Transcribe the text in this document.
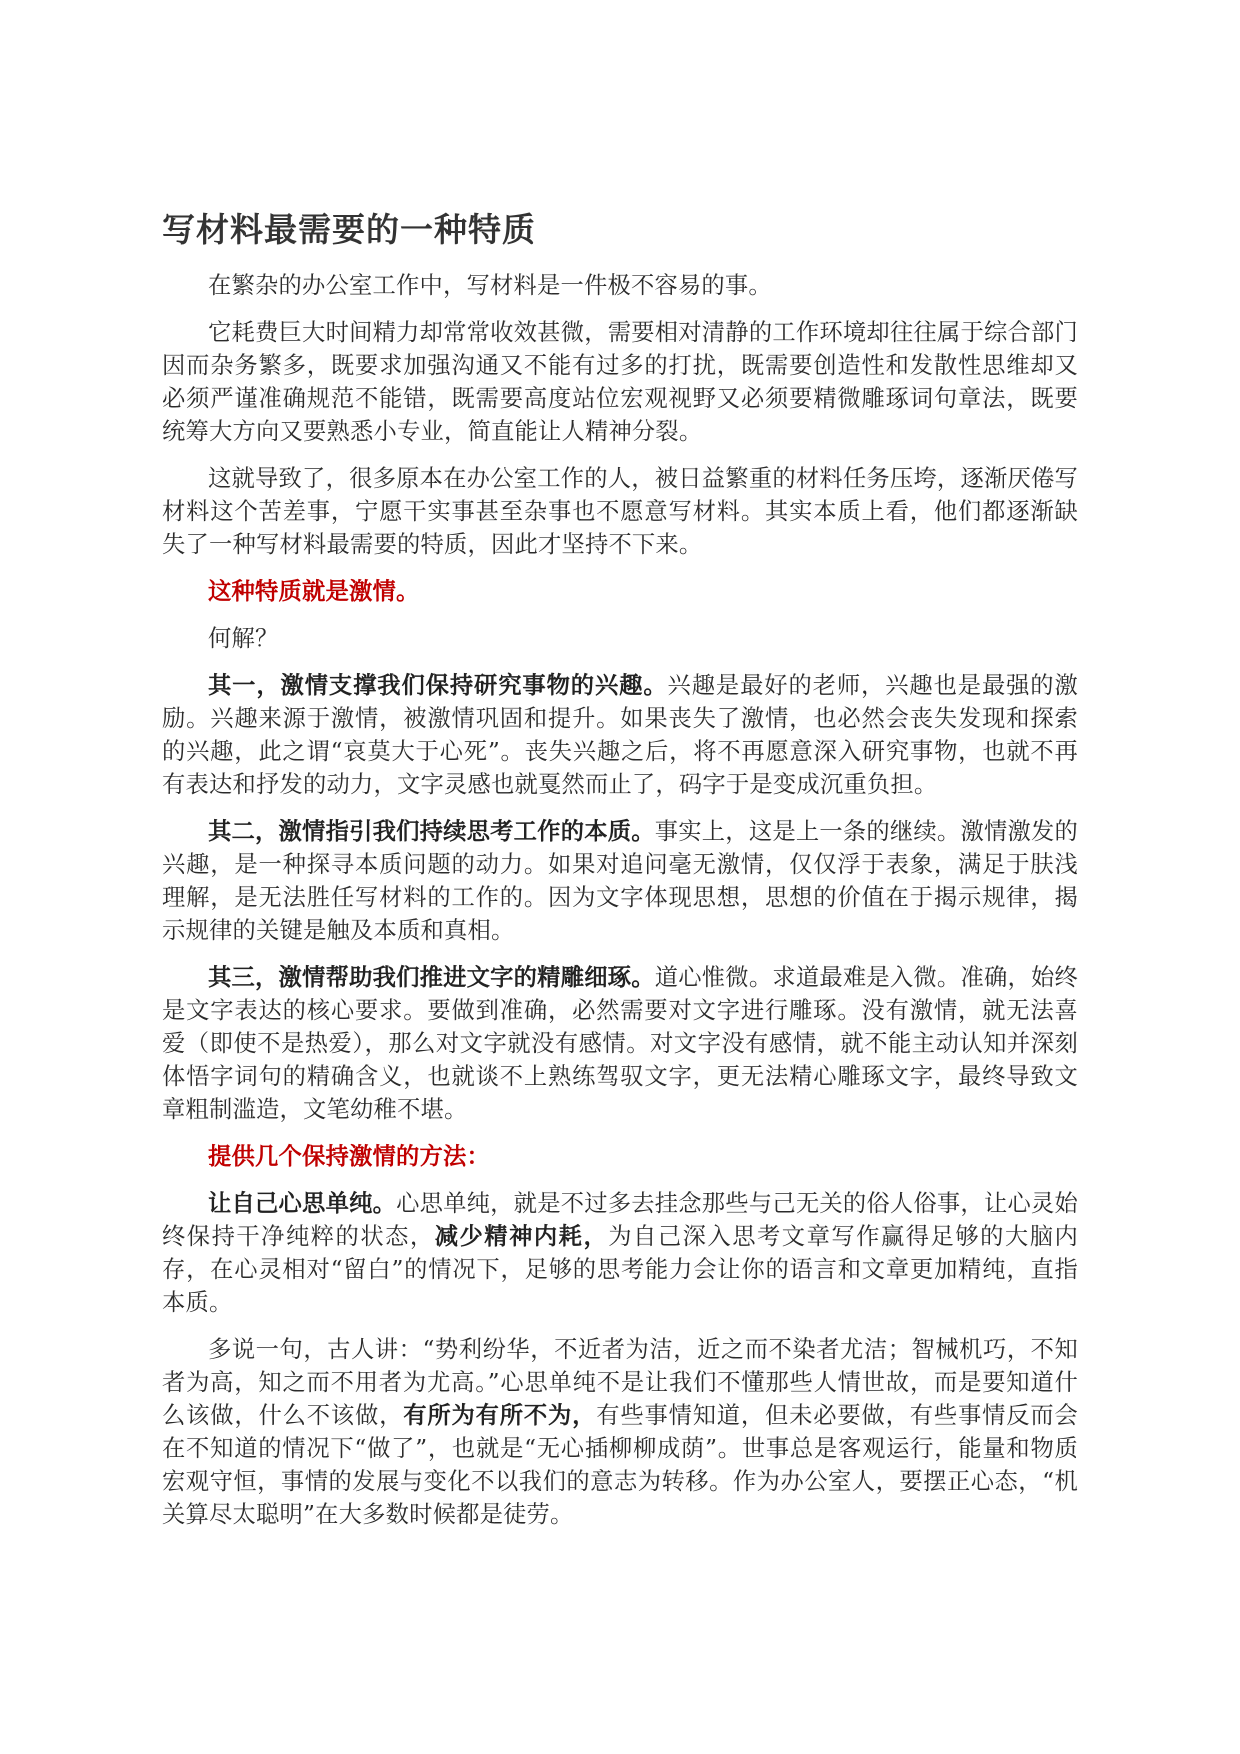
写材料最需要的一种特质

在繁杂的办公室工作中，写材料是一件极不容易的事。

它耗费巨大时间精力却常常收效甚微，需要相对清静的工作环境却往往属于综合部门因而杂务繁多，既要求加强沟通又不能有过多的打扰，既需要创造性和发散性思维却又必须严谨准确规范不能错，既需要高度站位宏观视野又必须要精微雕琢词句章法，既要统筹大方向又要熟悉小专业，简直能让人精神分裂。

这就导致了，很多原本在办公室工作的人，被日益繁重的材料任务压垮，逐渐厌倦写材料这个苦差事，宁愿干实事甚至杂事也不愿意写材料。其实本质上看，他们都逐渐缺失了一种写材料最需要的特质，因此才坚持不下来。

这种特质就是激情。

何解？

其一，激情支撑我们保持研究事物的兴趣。兴趣是最好的老师，兴趣也是最强的激励。兴趣来源于激情，被激情巩固和提升。如果丧失了激情，也必然会丧失发现和探索的兴趣，此之谓“哀莫大于心死”。丧失兴趣之后，将不再愿意深入研究事物，也就不再有表达和抒发的动力，文字灵感也就戛然而止了，码字于是变成沉重负担。

其二，激情指引我们持续思考工作的本质。事实上，这是上一条的继续。激情激发的兴趣，是一种探寻本质问题的动力。如果对追问毫无激情，仅仅浮于表象，满足于肤浅理解，是无法胜任写材料的工作的。因为文字体现思想，思想的价值在于揭示规律，揭示规律的关键是触及本质和真相。

其三，激情帮助我们推进文字的精雕细琢。道心惟微。求道最难是入微。准确，始终是文字表达的核心要求。要做到准确，必然需要对文字进行雕琢。没有激情，就无法喜爱（即使不是热爱），那么对文字就没有感情。对文字没有感情，就不能主动认知并深刻体悟字词句的精确含义，也就谈不上熟练驾驭文字，更无法精心雕琢文字，最终导致文章粗制滥造，文笔幼稚不堪。

提供几个保持激情的方法：

让自己心思单纯。心思单纯，就是不过多去挂念那些与己无关的俗人俗事，让心灵始终保持干净纯粹的状态，减少精神内耗，为自己深入思考文章写作赢得足够的大脑内存，在心灵相对“留白”的情况下，足够的思考能力会让你的语言和文章更加精纯，直指本质。

多说一句，古人讲：“势利纷华，不近者为洁，近之而不染者尤洁；智械机巧，不知者为高，知之而不用者为尤高。”心思单纯不是让我们不懂那些人情世故，而是要知道什么该做，什么不该做，有所为有所不为，有些事情知道，但未必要做，有些事情反而会在不知道的情况下“做了”，也就是“无心插柳柳成荫”。世事总是客观运行，能量和物质宏观守恒，事情的发展与变化不以我们的意志为转移。作为办公室人，要摆正心态，“机关算尽太聪明”在大多数时候都是徒劳。
